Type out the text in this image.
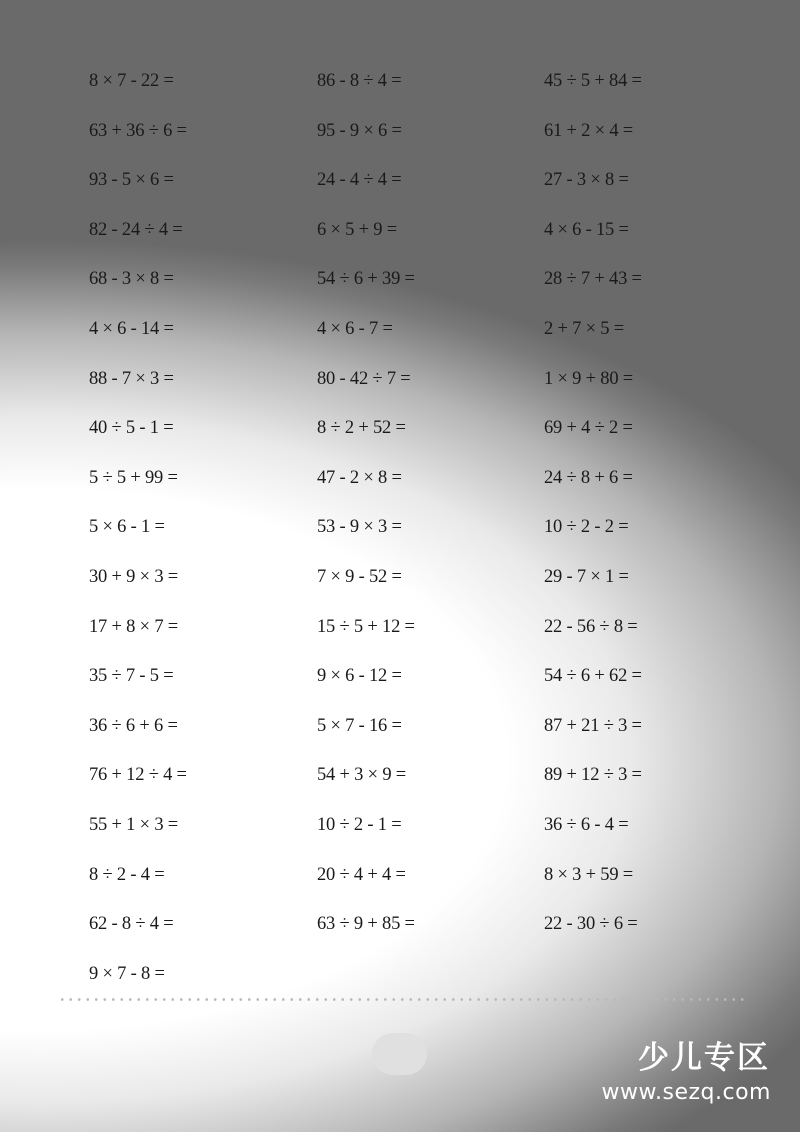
8 × 7 - 22 =	86 - 8 ÷ 4 =	45 ÷ 5 + 84 =
63 + 36 ÷ 6 =	95 - 9 × 6 =	61 + 2 × 4 =
93 - 5 × 6 =	24 - 4 ÷ 4 =	27 - 3 × 8 =
82 - 24 ÷ 4 =	6 × 5 + 9 =	4 × 6 - 15 =
68 - 3 × 8 =	54 ÷ 6 + 39 =	28 ÷ 7 + 43 =
4 × 6 - 14 =	4 × 6 - 7 =	2 + 7 × 5 =
88 - 7 × 3 =	80 - 42 ÷ 7 =	1 × 9 + 80 =
40 ÷ 5 - 1 =	8 ÷ 2 + 52 =	69 + 4 ÷ 2 =
5 ÷ 5 + 99 =	47 - 2 × 8 =	24 ÷ 8 + 6 =
5 × 6 - 1 =	53 - 9 × 3 =	10 ÷ 2 - 2 =
30 + 9 × 3 =	7 × 9 - 52 =	29 - 7 × 1 =
17 + 8 × 7 =	15 ÷ 5 + 12 =	22 - 56 ÷ 8 =
35 ÷ 7 - 5 =	9 × 6 - 12 =	54 ÷ 6 + 62 =
36 ÷ 6 + 6 =	5 × 7 - 16 =	87 + 21 ÷ 3 =
76 + 12 ÷ 4 =	54 + 3 × 9 =	89 + 12 ÷ 3 =
55 + 1 × 3 =	10 ÷ 2 - 1 =	36 ÷ 6 - 4 =
8 ÷ 2 - 4 =	20 ÷ 4 + 4 =	8 × 3 + 59 =
62 - 8 ÷ 4 =	63 ÷ 9 + 85 =	22 - 30 ÷ 6 =
9 × 7 - 8 =
少儿专区
www.sezq.com
